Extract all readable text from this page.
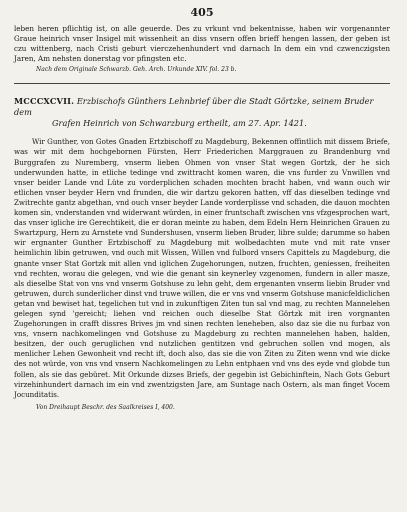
405

leben heren pflichtig ist, on alle geuerde. Des zu vrkunt vnd bekentnisse, haben wir vorgenannter Graue heinrich vnser Insigel mit wissenheit an diss vnsern offen brieff hengen lassen, der geben ist czu wittenberg, nach Cristi geburt vierczehenhundert vnd darnach In dem ein vnd czwenczigsten Jaren, Am nehsten donerstag vor pfingsten etc.

Nach dem Originale Schwarzb. Geh. Arch. Urkunde XIV. fol. 23 b.

MCCCXCVII. Erzbischofs Günthers Lehnbrief über die Stadt Görtzke, seinem Bruder dem

Grafen Heinrich von Schwarzburg ertheilt, am 27. Apr. 1421.

Wir Gunther, von Gotes Gnaden Ertzbischoff zu Magdeburg, Bekennen offintlich mit dissem Briefe, was wir mit dem hochgebornen Fürsten, Herr Friederichen Marggrauen zu Brandenburg vnd Burggrafen zu Nuremberg, vnserm lieben Ohmen von vnser Stat wegen Gortzk, der he sich underwunden hatte, in etliche tedinge vnd zwittracht komen waren, die vns furder zu Vnwillen vnd vnser beider Lande vnd Lüte zu vorderplichen schaden mochten bracht haben, vnd wann ouch wir etlichen vnser beyder Hern vnd frunden, die wir dartzu gekoren hatten, vff das dieselben tedinge vnd Zwitrechte gantz abgethan, vnd ouch vnser beyder Lande vorderplisse vnd schaden, die dauon mochten komen sin, vnderstanden vnd widerwant würden, in einer fruntschaft zwischen vns vfzgesprochen wart, das vnser igliche ire Gerechtikeit, die er doran meinte zu haben, dem Edeln Hern Heinrichen Grauen zu Swartzpurg, Hern zu Arnstete vnd Sundershusen, vnserm lieben Bruder, libre sulde; darumme so haben wir ergnanter Gunther Ertzbischoff zu Magdeburg mit wolbedachten mute vnd mit rate vnser heimlichin libin getruwen, vnd ouch mit Wissen, Willen vnd fulbord vnsers Capittels zu Magdeburg, die gnante vnser Stat Gortzk mit allen vnd iglichen Zugehorungen, nutzen, fruchten, geniessen, freiheiten vnd rechten, worau die gelegen, vnd wie die genant sin keynerley vzgenomen, fundern in aller masze, als dieselbe Stat von vns vnd vnserm Gotshuse zu lehn geht, dem ergenanten vnserm liebin Bruder vnd getruwen, durch sunderlicher dinst vnd truwe willen, die er vns vnd vnserm Gotshuse manicfeldiclichen getan vnd bewiset hat, tegelichen tut vnd in zukunftigen Ziten tun sal vnd mag, zu rechten Mannelehen gelegen synd 'gereicht; liehen vnd reichen ouch dieselbe Stat Görtzk mit iren vorgnanten Zugehorungen in crafft dissres Brives jm vnd sinen rechten leneheben, also daz sie die nu furbaz von vns, vnsern nachkomelingen vnd Gotshuse zu Magdeburg zu rechten mannelehen haben, halden, besitzen, der ouch geruglichen vnd nutzlichen gentitzen vnd gebruchen sollen vnd mogen, als menlicher Lehen Gewonheit vnd recht ift, doch also, das sie die von Ziten zu Ziten wenn vnd wie dicke des not würde, von vns vnd vnsern Nachkomelingen zu Lehn entphaen vnd vns des eyde vnd globde tun follen, als sie das gebüret. Mit Orkunde dizses Briefs, der gegebin ist Gebichinftein, Nach Gots Geburt virzehinhundert darnach im ein vnd zwentzigsten Jare, am Suntage nach Ostern, als man finget Vocem Jocunditatis.

Von Dreihaupt Beschr. des Saalkreises I, 400.
